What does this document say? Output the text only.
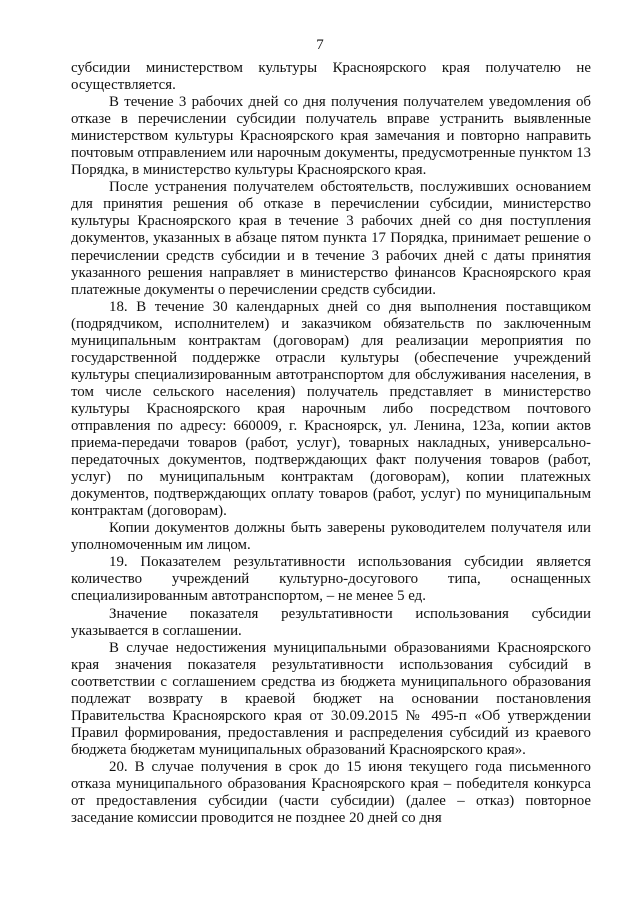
7

субсидии министерством культуры Красноярского края получателю не осуществляется.

В течение 3 рабочих дней со дня получения получателем уведомления об отказе в перечислении субсидии получатель вправе устранить выявленные министерством культуры Красноярского края замечания и повторно направить почтовым отправлением или нарочным документы, предусмотренные пунктом 13 Порядка, в министерство культуры Красноярского края.

После устранения получателем обстоятельств, послуживших основанием для принятия решения об отказе в перечислении субсидии, министерство культуры Красноярского края в течение 3 рабочих дней со дня поступления документов, указанных в абзаце пятом пункта 17 Порядка, принимает решение о перечислении средств субсидии и в течение 3 рабочих дней с даты принятия указанного решения направляет в министерство финансов Красноярского края платежные документы о перечислении средств субсидии.

18. В течение 30 календарных дней со дня выполнения поставщиком (подрядчиком, исполнителем) и заказчиком обязательств по заключенным муниципальным контрактам (договорам) для реализации мероприятия по государственной поддержке отрасли культуры (обеспечение учреждений культуры специализированным автотранспортом для обслуживания населения, в том числе сельского населения) получатель представляет в министерство культуры Красноярского края нарочным либо посредством почтового отправления по адресу: 660009, г. Красноярск, ул. Ленина, 123а, копии актов приема-передачи товаров (работ, услуг), товарных накладных, универсально-передаточных документов, подтверждающих факт получения товаров (работ, услуг) по муниципальным контрактам (договорам), копии платежных документов, подтверждающих оплату товаров (работ, услуг) по муниципальным контрактам (договорам).

Копии документов должны быть заверены руководителем получателя или уполномоченным им лицом.

19. Показателем результативности использования субсидии является количество учреждений культурно-досугового типа, оснащенных специализированным автотранспортом, – не менее 5 ед.

Значение показателя результативности использования субсидии указывается в соглашении.

В случае недостижения муниципальными образованиями Красноярского края значения показателя результативности использования субсидий в соответствии с соглашением средства из бюджета муниципального образования подлежат возврату в краевой бюджет на основании постановления Правительства Красноярского края от 30.09.2015 № 495-п «Об утверждении Правил формирования, предоставления и распределения субсидий из краевого бюджета бюджетам муниципальных образований Красноярского края».

20. В случае получения в срок до 15 июня текущего года письменного отказа муниципального образования Красноярского края – победителя конкурса от предоставления субсидии (части субсидии) (далее – отказ) повторное заседание комиссии проводится не позднее 20 дней со дня
